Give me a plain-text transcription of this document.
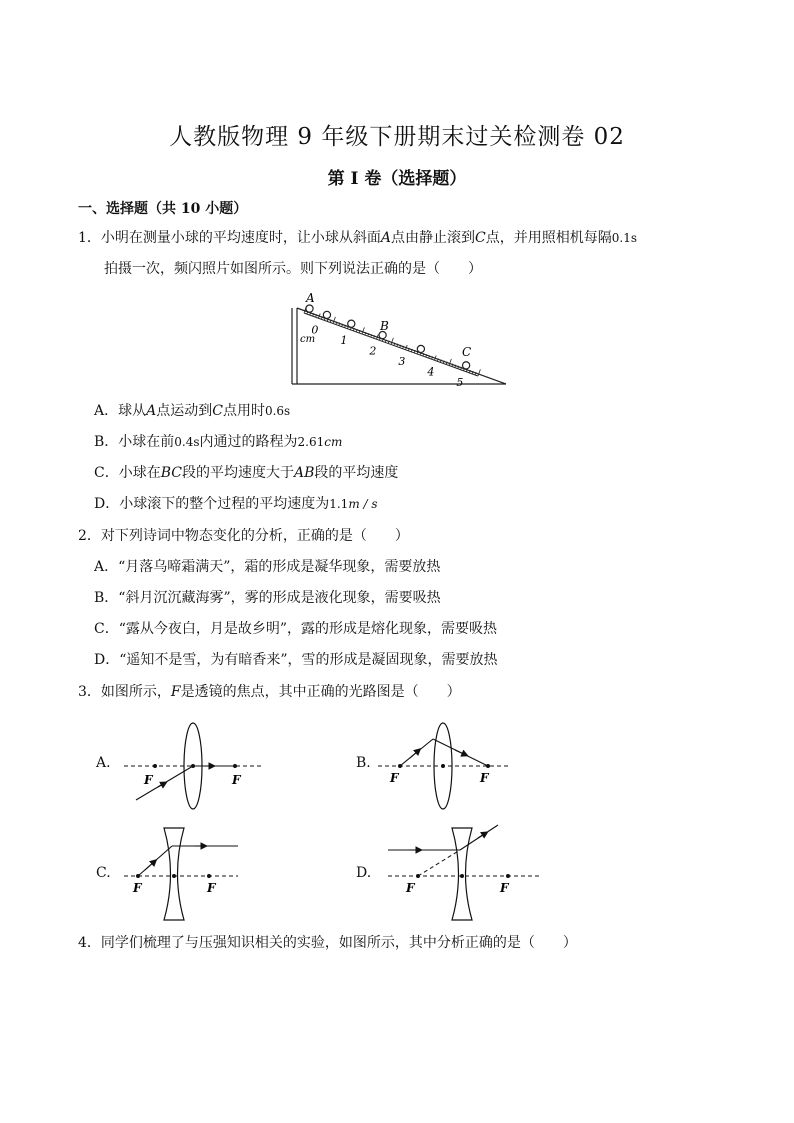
人教版物理 9 年级下册期末过关检测卷 02
第 I 卷（选择题）
一、选择题（共 10 小题）
1．小明在测量小球的平均速度时，让小球从斜面A点由静止滚到C点，并用照相机每隔0.1s
拍摄一次，频闪照片如图所示。则下列说法正确的是（　　）
0
1
2
3
4
5
A
B
C
cm
A．球从A点运动到C点用时0.6s
B．小球在前0.4s内通过的路程为2.61cm
C．小球在BC段的平均速度大于AB段的平均速度
D．小球滚下的整个过程的平均速度为1.1m / s
2．对下列诗词中物态变化的分析，正确的是（　　）
A．“月落乌啼霜满天”，霜的形成是凝华现象，需要放热
B．“斜月沉沉藏海雾”，雾的形成是液化现象，需要吸热
C．“露从今夜白，月是故乡明”，露的形成是熔化现象，需要吸热
D．“遥知不是雪，为有暗香来”，雪的形成是凝固现象，需要放热
3．如图所示，F是透镜的焦点，其中正确的光路图是（　　）
A.	B.
C.	D.
F	F	F	F
F	F	F	F
4．同学们梳理了与压强知识相关的实验，如图所示，其中分析正确的是（　　）
